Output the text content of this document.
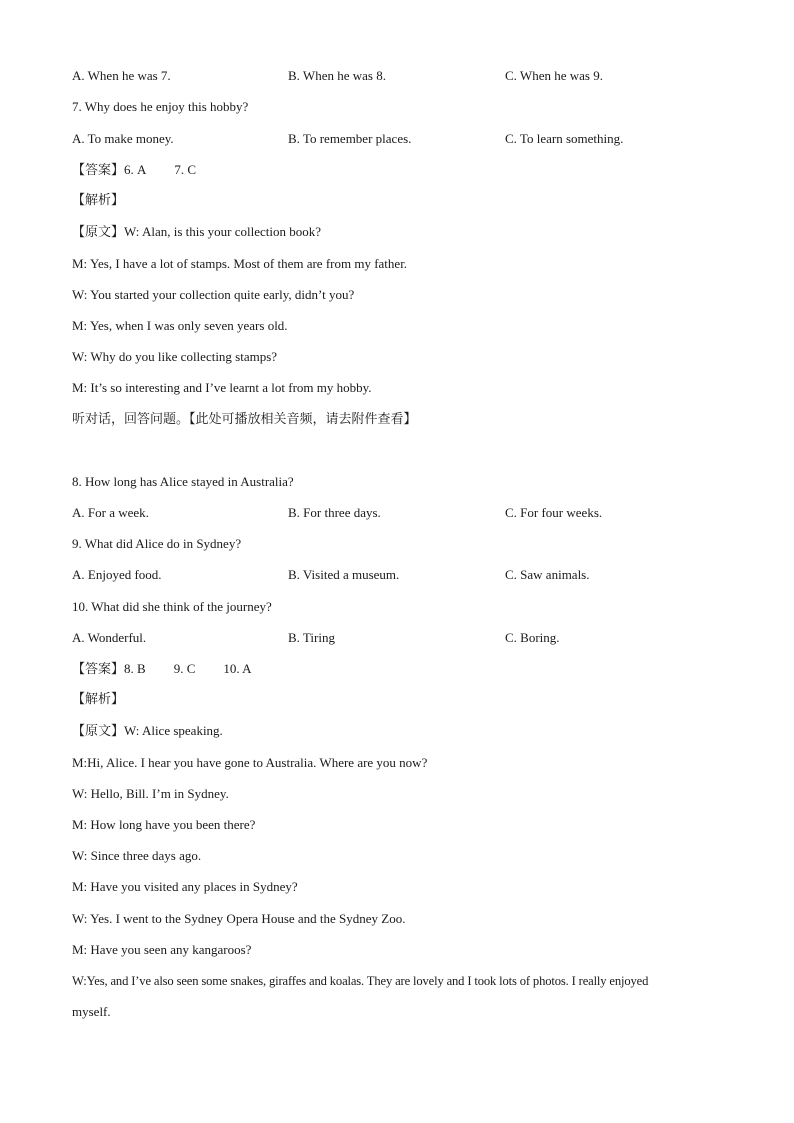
A. When he was 7.	B. When he was 8.	C. When he was 9.
7. Why does he enjoy this hobby?
A. To make money.	B. To remember places.	C. To learn something.
【答案】6. A 7. C
【解析】
【原文】W: Alan, is this your collection book?
M: Yes, I have a lot of stamps. Most of them are from my father.
W: You started your collection quite early, didn’t you?
M: Yes, when I was only seven years old.
W: Why do you like collecting stamps?
M: It’s so interesting and I’ve learnt a lot from my hobby.
听对话，回答问题。【此处可播放相关音频，请去附件查看】
8. How long has Alice stayed in Australia?
A. For a week.	B. For three days.	C. For four weeks.
9. What did Alice do in Sydney?
A. Enjoyed food.	B. Visited a museum.	C. Saw animals.
10. What did she think of the journey?
A. Wonderful.	B. Tiring	C. Boring.
【答案】8. B 9. C 10. A
【解析】
【原文】W: Alice speaking.
M:Hi, Alice. I hear you have gone to Australia. Where are you now?
W: Hello, Bill. I’m in Sydney.
M: How long have you been there?
W: Since three days ago.
M: Have you visited any places in Sydney?
W: Yes. I went to the Sydney Opera House and the Sydney Zoo.
M: Have you seen any kangaroos?
W:Yes, and I’ve also seen some snakes, giraffes and koalas. They are lovely and I took lots of photos. I really enjoyed
myself.
